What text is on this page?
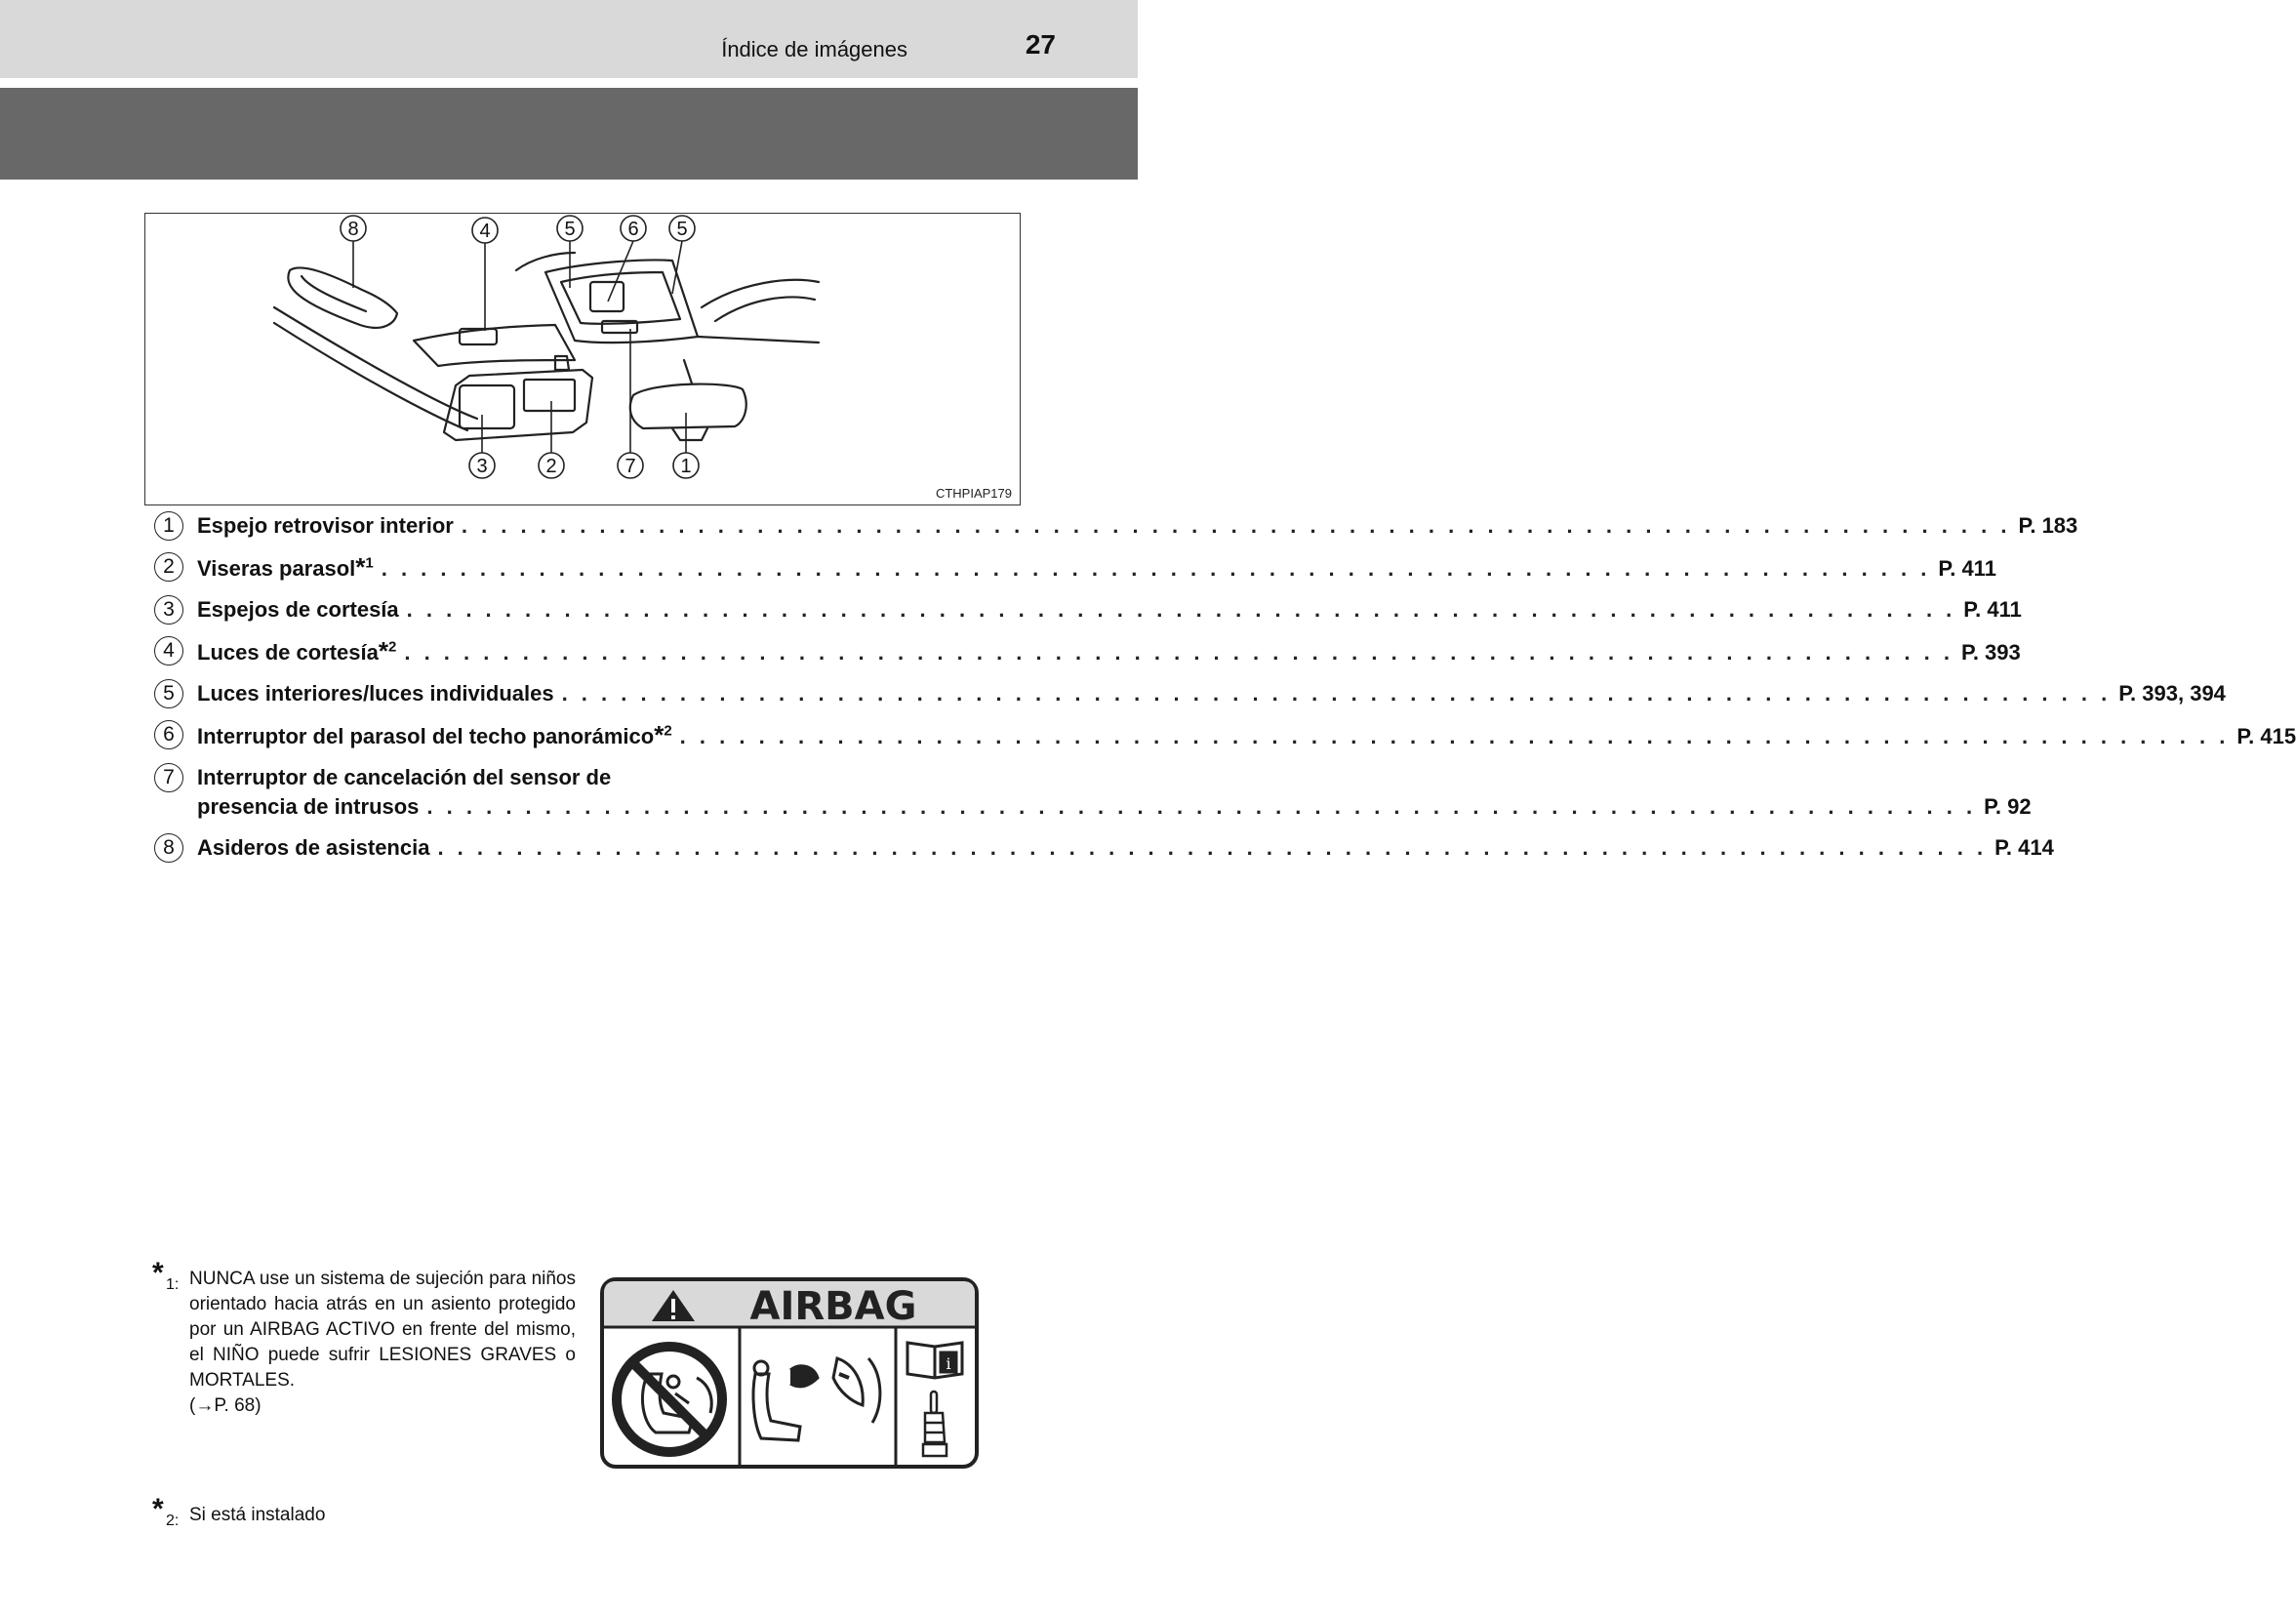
Índice de imágenes	27
8	4	5	6 5
3	2	7 1
CTHPIAP179
1	Espejo retrovisor interior . . .	P. 183
2	Viseras parasol*$^1$ . . .	P. 411
3	Espejos de cortesía . . .	P. 411
4	Luces de cortesía*$^2$ . . .	P. 393
5	Luces interiores/luces individuales . . .	P. 393, 394
6	Interruptor del parasol del techo panorámico*$^2$ . . .	P. 415
7	Interruptor de cancelación del sensor de
presencia de intrusos . . .	P. 92
8	Asideros de asistencia . . .	P. 414
* 1: NUNCA use un sistema de sujeción para niños orientado hacia atrás en un asiento protegido por un AIRBAG ACTIVO en frente del mismo, el NIÑO puede sufrir LESIONES GRAVES o MORTALES.
(→P. 68)
* 2: Si está instalado
AIRBAG
i
